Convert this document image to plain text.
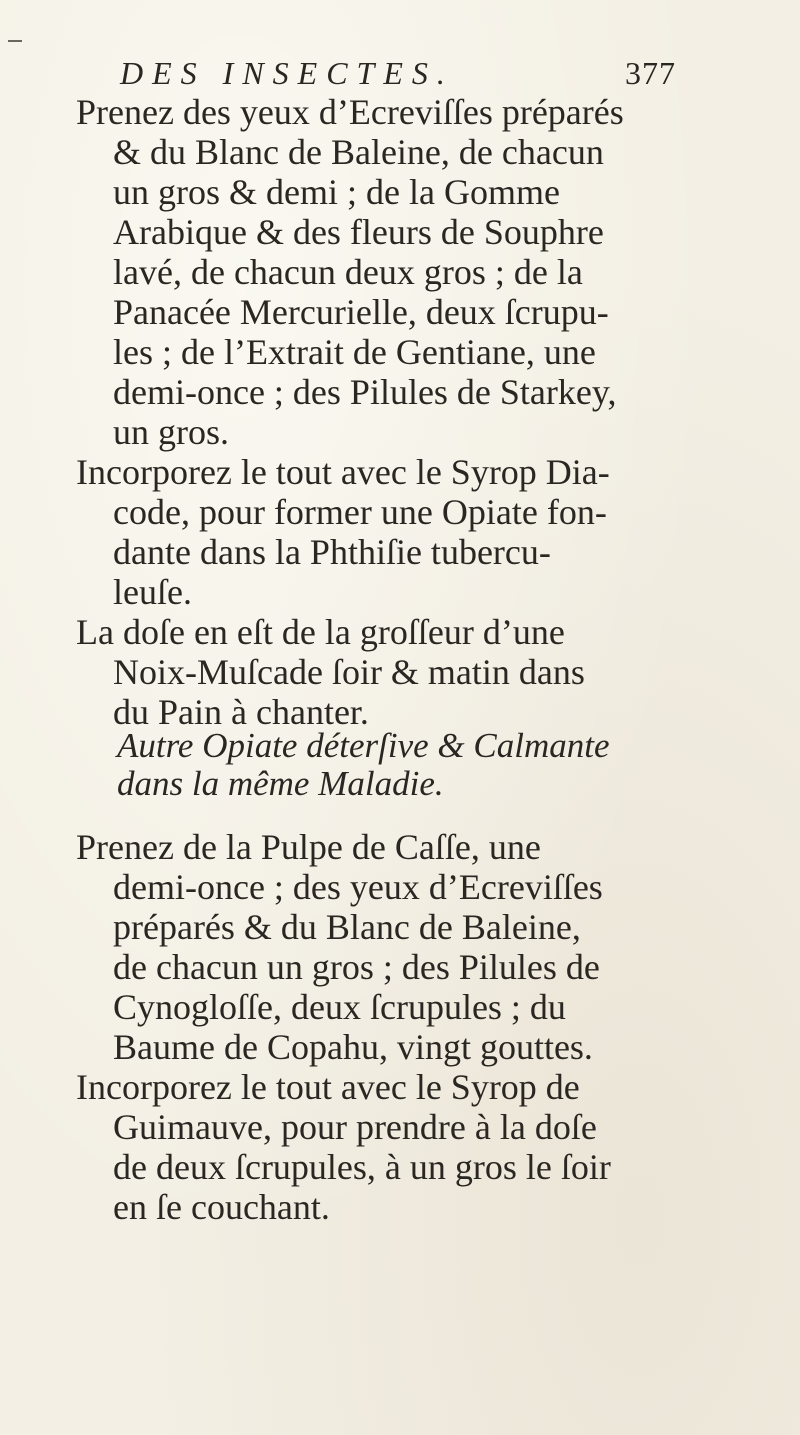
DES INSECTES.	377
Prenez des yeux d’Ecreviſſes préparés
& du Blanc de Baleine, de chacun
un gros & demi ; de la Gomme
Arabique & des fleurs de Souphre
lavé, de chacun deux gros ; de la
Panacée Mercurielle, deux ſcrupu-
les ; de l’Extrait de Gentiane, une
demi-once ; des Pilules de Starkey,
un gros.
Incorporez le tout avec le Syrop Dia-
code, pour former une Opiate fon-
dante dans la Phthiſie tubercu-
leuſe.
La doſe en eſt de la groſſeur d’une
Noix-Muſcade ſoir & matin dans
du Pain à chanter.
Autre Opiate déterſive & Calmante
dans la même Maladie.
Prenez de la Pulpe de Caſſe, une
demi-once ; des yeux d’Ecreviſſes
préparés & du Blanc de Baleine,
de chacun un gros ; des Pilules de
Cynogloſſe, deux ſcrupules ; du
Baume de Copahu, vingt gouttes.
Incorporez le tout avec le Syrop de
Guimauve, pour prendre à la doſe
de deux ſcrupules, à un gros le ſoir
en ſe couchant.
